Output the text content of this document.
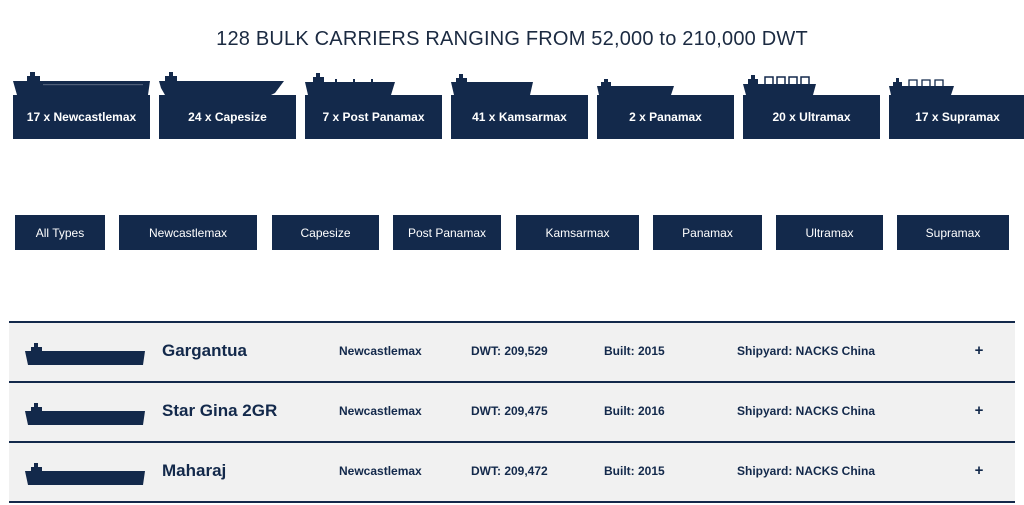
128 BULK CARRIERS RANGING FROM 52,000 to 210,000 DWT
17 x Newcastlemax	24 x Capesize	7 x Post Panamax	41 x Kamsarmax	2 x Panamax	20 x Ultramax	17 x Supramax
All Types	Newcastlemax	Capesize	Post Panamax	Kamsarmax	Panamax	Ultramax	Supramax
Gargantua	Newcastlemax	DWT: 209,529	Built: 2015	Shipyard: NACKS China	+
Star Gina 2GR	Newcastlemax	DWT: 209,475	Built: 2016	Shipyard: NACKS China	+
Maharaj	Newcastlemax	DWT: 209,472	Built: 2015	Shipyard: NACKS China	+
